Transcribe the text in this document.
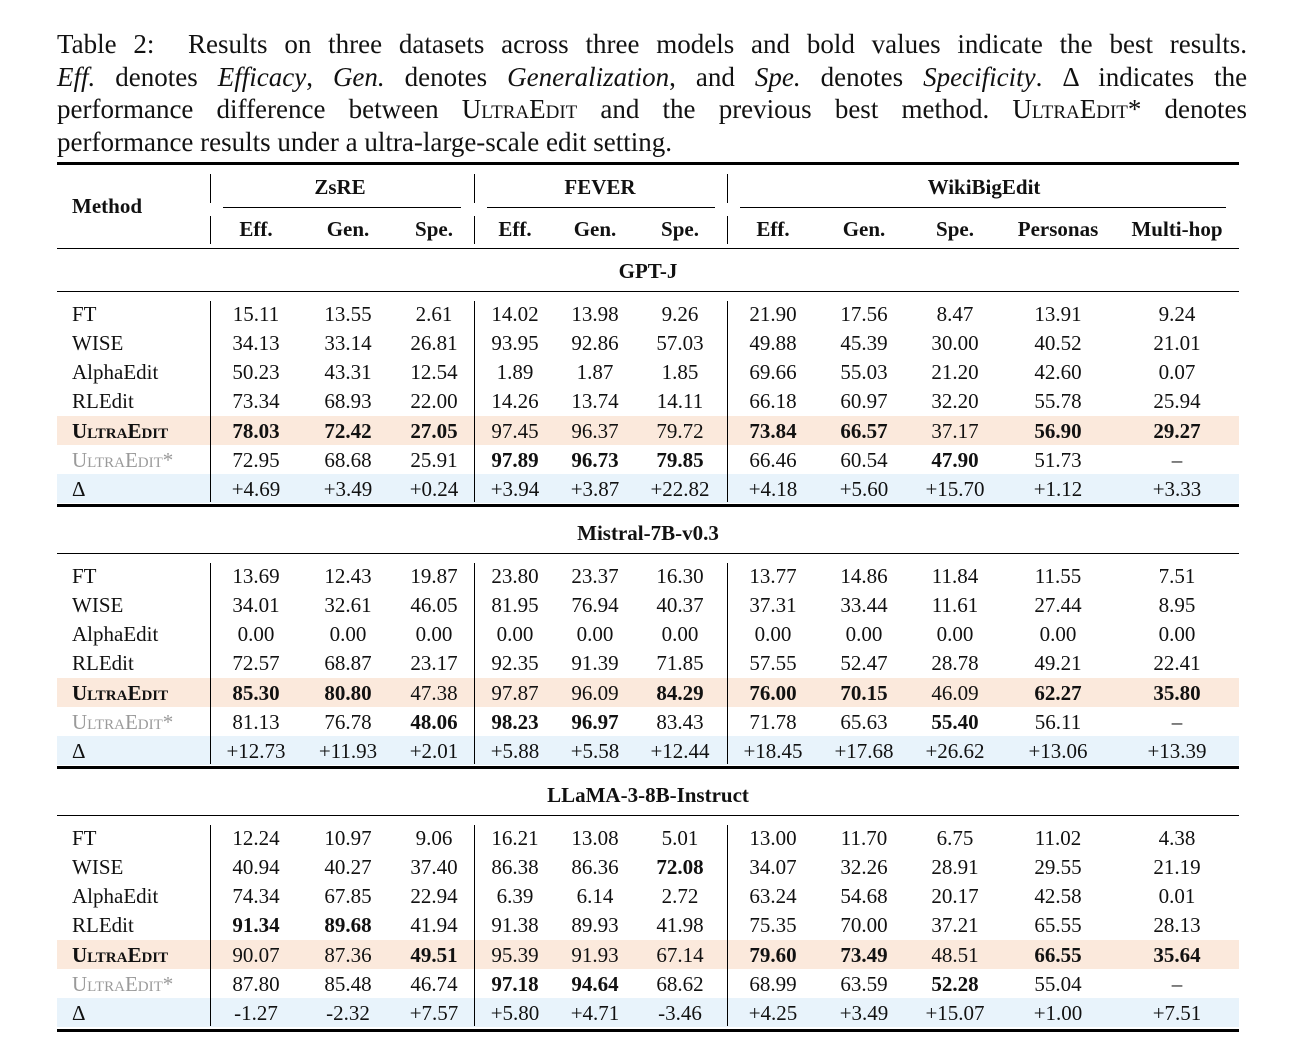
Table 2: Results on three datasets across three models and bold values indicate the best results.
Eff. denotes Efficacy, Gen. denotes Generalization, and Spe. denotes Specificity. Δ indicates the
performance difference between UltraEdit and the previous best method. UltraEdit* denotes
performance results under a ultra-large-scale edit setting.
Method
ZsRE	FEVER	WikiBigEdit
Eff.	Gen.	Spe.	Eff.	Gen.	Spe.	Eff.	Gen.	Spe.	Personas	Multi-hop
GPT-J
FT	15.11	13.55	2.61	14.02	13.98	9.26	21.90	17.56	8.47	13.91	9.24
WISE	34.13	33.14	26.81	93.95	92.86	57.03	49.88	45.39	30.00	40.52	21.01
AlphaEdit	50.23	43.31	12.54	1.89	1.87	1.85	69.66	55.03	21.20	42.60	0.07
RLEdit	73.34	68.93	22.00	14.26	13.74	14.11	66.18	60.97	32.20	55.78	25.94
UltraEdit	78.03	72.42	27.05	97.45	96.37	79.72	73.84	66.57	37.17	56.90	29.27
UltraEdit*	72.95	68.68	25.91	97.89	96.73	79.85	66.46	60.54	47.90	51.73	–
Δ	+4.69	+3.49	+0.24	+3.94	+3.87	+22.82	+4.18	+5.60	+15.70	+1.12	+3.33
Mistral-7B-v0.3
FT	13.69	12.43	19.87	23.80	23.37	16.30	13.77	14.86	11.84	11.55	7.51
WISE	34.01	32.61	46.05	81.95	76.94	40.37	37.31	33.44	11.61	27.44	8.95
AlphaEdit	0.00	0.00	0.00	0.00	0.00	0.00	0.00	0.00	0.00	0.00	0.00
RLEdit	72.57	68.87	23.17	92.35	91.39	71.85	57.55	52.47	28.78	49.21	22.41
UltraEdit	85.30	80.80	47.38	97.87	96.09	84.29	76.00	70.15	46.09	62.27	35.80
UltraEdit*	81.13	76.78	48.06	98.23	96.97	83.43	71.78	65.63	55.40	56.11	–
Δ	+12.73	+11.93	+2.01	+5.88	+5.58	+12.44	+18.45	+17.68	+26.62	+13.06	+13.39
LLaMA-3-8B-Instruct
FT	12.24	10.97	9.06	16.21	13.08	5.01	13.00	11.70	6.75	11.02	4.38
WISE	40.94	40.27	37.40	86.38	86.36	72.08	34.07	32.26	28.91	29.55	21.19
AlphaEdit	74.34	67.85	22.94	6.39	6.14	2.72	63.24	54.68	20.17	42.58	0.01
RLEdit	91.34	89.68	41.94	91.38	89.93	41.98	75.35	70.00	37.21	65.55	28.13
UltraEdit	90.07	87.36	49.51	95.39	91.93	67.14	79.60	73.49	48.51	66.55	35.64
UltraEdit*	87.80	85.48	46.74	97.18	94.64	68.62	68.99	63.59	52.28	55.04	–
Δ	-1.27	-2.32	+7.57	+5.80	+4.71	-3.46	+4.25	+3.49	+15.07	+1.00	+7.51
